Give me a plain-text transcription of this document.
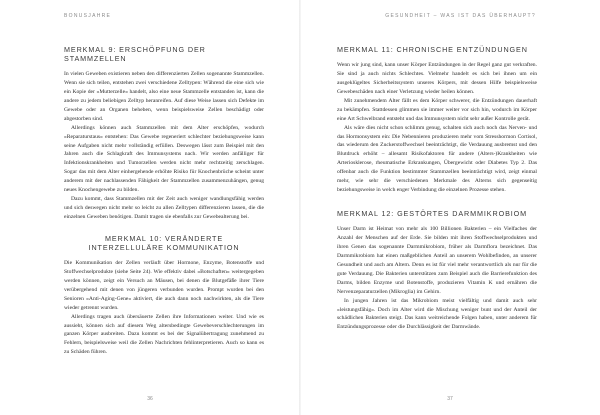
BONUSJAHRE
MERKMAL 9: ERSCHÖPFUNG DER STAMMZELLEN

In vielen Geweben existieren neben den differenzierten Zellen sogenannte Stammzellen. Wenn sie sich teilen, entstehen zwei verschiedene Zelltypen: Während die eine sich wie ein Kopie der »Mutterzelle« handelt, also eine neue Stammzelle entstanden ist, kann die andere zu jedem beliebigen Zelltyp heranreifen. Auf diese Weise lassen sich Defekte im Gewebe oder an Organen beheben, wenn beispielsweise Zellen beschädigt oder abgestorben sind.

Allerdings können auch Stammzellen mit dem Alter erschöpfen, wodurch »Reparaturstaus« entstehen: Das Gewebe regeneriert schlechter beziehungsweise kann seine Aufgaben nicht mehr vollständig erfüllen. Deswegen lässt zum Beispiel mit den Jahren auch die Schlagkraft des Immunsystems nach. Wir werden anfälliger für Infektionskrankheiten und Tumorzellen werden nicht mehr rechtzeitig zerschlagen. Sogar das mit dem Alter einhergehende erhöhte Risiko für Knochenbrüche scheint unter anderem mit der nachlassenden Fähigkeit der Stammzellen zusammenzuhängen, genug neues Knochengewebe zu bilden.

Dazu kommt, dass Stammzellen mit der Zeit auch weniger wandlungsfähig werden und sich deswegen nicht mehr so leicht zu allen Zelltypen differenzieren lassen, die die einzelnen Geweben benötigen. Damit tragen sie ebenfalls zur Gewebealterung bei.

MERKMAL 10: VERÄNDERTE
INTERZELLULÄRE KOMMUNIKATION

Die Kommunikation der Zellen verläuft über Hormone, Enzyme, Botenstoffe und Stoffwechselprodukte (siehe Seite 24). Wie effektiv dabei »Botschaften« weitergegeben werden können, zeigt ein Versuch an Mäusen, bei denen die Blutgefäße ihrer Tiere verübergehend mit denen von jüngeren verbunden wurden. Prompt wurden bei den Senioren »Anti-Aging-Gene« aktiviert, die auch dann noch nachwirkten, als die Tiere wieder getrennt wurden.

Allerdings tragen auch übersäuerte Zellen ihre Informationen weiter. Und wie es aussieht, können sich auf diesem Weg altersbedingte Gewebeverschlechterungen im ganzen Körper ausbreiten. Dazu kommt es bei der Signalübertragung zunehmend zu Fehlern, beispielsweise weil die Zellen Nachrichten fehlinterpretieren. Auch so kann es zu Schäden führen.

36
GESUNDHEIT – WAS IST DAS ÜBERHAUPT?
MERKMAL 11: CHRONISCHE ENTZÜNDUNGEN

Wenn wir jung sind, kann unser Körper Entzündungen in der Regel ganz gut verkraften. Sie sind ja auch nichts Schlechtes. Vielmehr handelt es sich bei ihnen um ein ausgeklügeltes Sicherheitssystem unseres Körpers, mit dessen Hilfe beispielsweise Gewebeschäden nach einer Verletzung wieder heilen können.

Mit zunehmendem Alter fällt es dem Körper schwerer, die Entzündungen dauerhaft zu bekämpfen. Stattdessen glimmen sie immer weiter vor sich hin, wodurch im Körper eine Art Schwelbrand entsteht und das Immunsystem nicht sehr außer Kontrolle gerät.

Als wäre dies nicht schon schlimm genug, schalten sich auch noch das Nerven- und das Hormonsystem ein: Die Nebennieren produzieren mehr vom Stresshormon Cortisol, das wiederum den Zuckerstoffwechsel beeinträchtigt, die Verdauung ausbremst und den Blutdruck erhöht – allesamt Risikofaktoren für andere (Alters-)Krankheiten wie Arteriosklerose, rheumatische Erkrankungen, Übergewicht oder Diabetes Typ 2. Das offenbar auch die Funktion bestimmter Stammzellen beeinträchtigt wird, zeigt einmal mehr, wie sehr die verschiedenen Merkmale des Alterns sich gegenseitig beziehungsweise in welch enger Verbindung die einzelnen Prozesse stehen.

MERKMAL 12: GESTÖRTES DARMMIKROBIOM

Unser Darm ist Heimat von mehr als 100 Billionen Bakterien – ein Vielfaches der Anzahl der Menschen auf der Erde. Sie bilden mit ihren Stoffwechselprodukten und ihren Genen das sogenannte Darmmikrobiom, früher als Darmflora bezeichnet. Das Darmmikrobiom hat einen maßgeblichen Anteil an unserem Wohlbefinden, an unserer Gesundheit und auch am Altern. Denn es ist für viel mehr verantwortlich als nur für die gute Verdauung. Die Bakterien unterstützen zum Beispiel auch die Barrierefunktion des Darms, bilden Enzyme und Botenstoffe, produzieren Vitamin K und ernähren die Nervenzeparaturzellen (Mikroglia) im Gehirn.

In jungen Jahren ist das Mikrobiom meist vielfältig und damit auch sehr »leistungsfähig«. Doch im Alter wird die Mischung weniger bunt und der Anteil der schädlichen Bakterien steigt. Das kann weitreichende Folgen haben, unter anderem für Entzündungsprozesse oder die Durchlässigkeit der Darmwände.

37
